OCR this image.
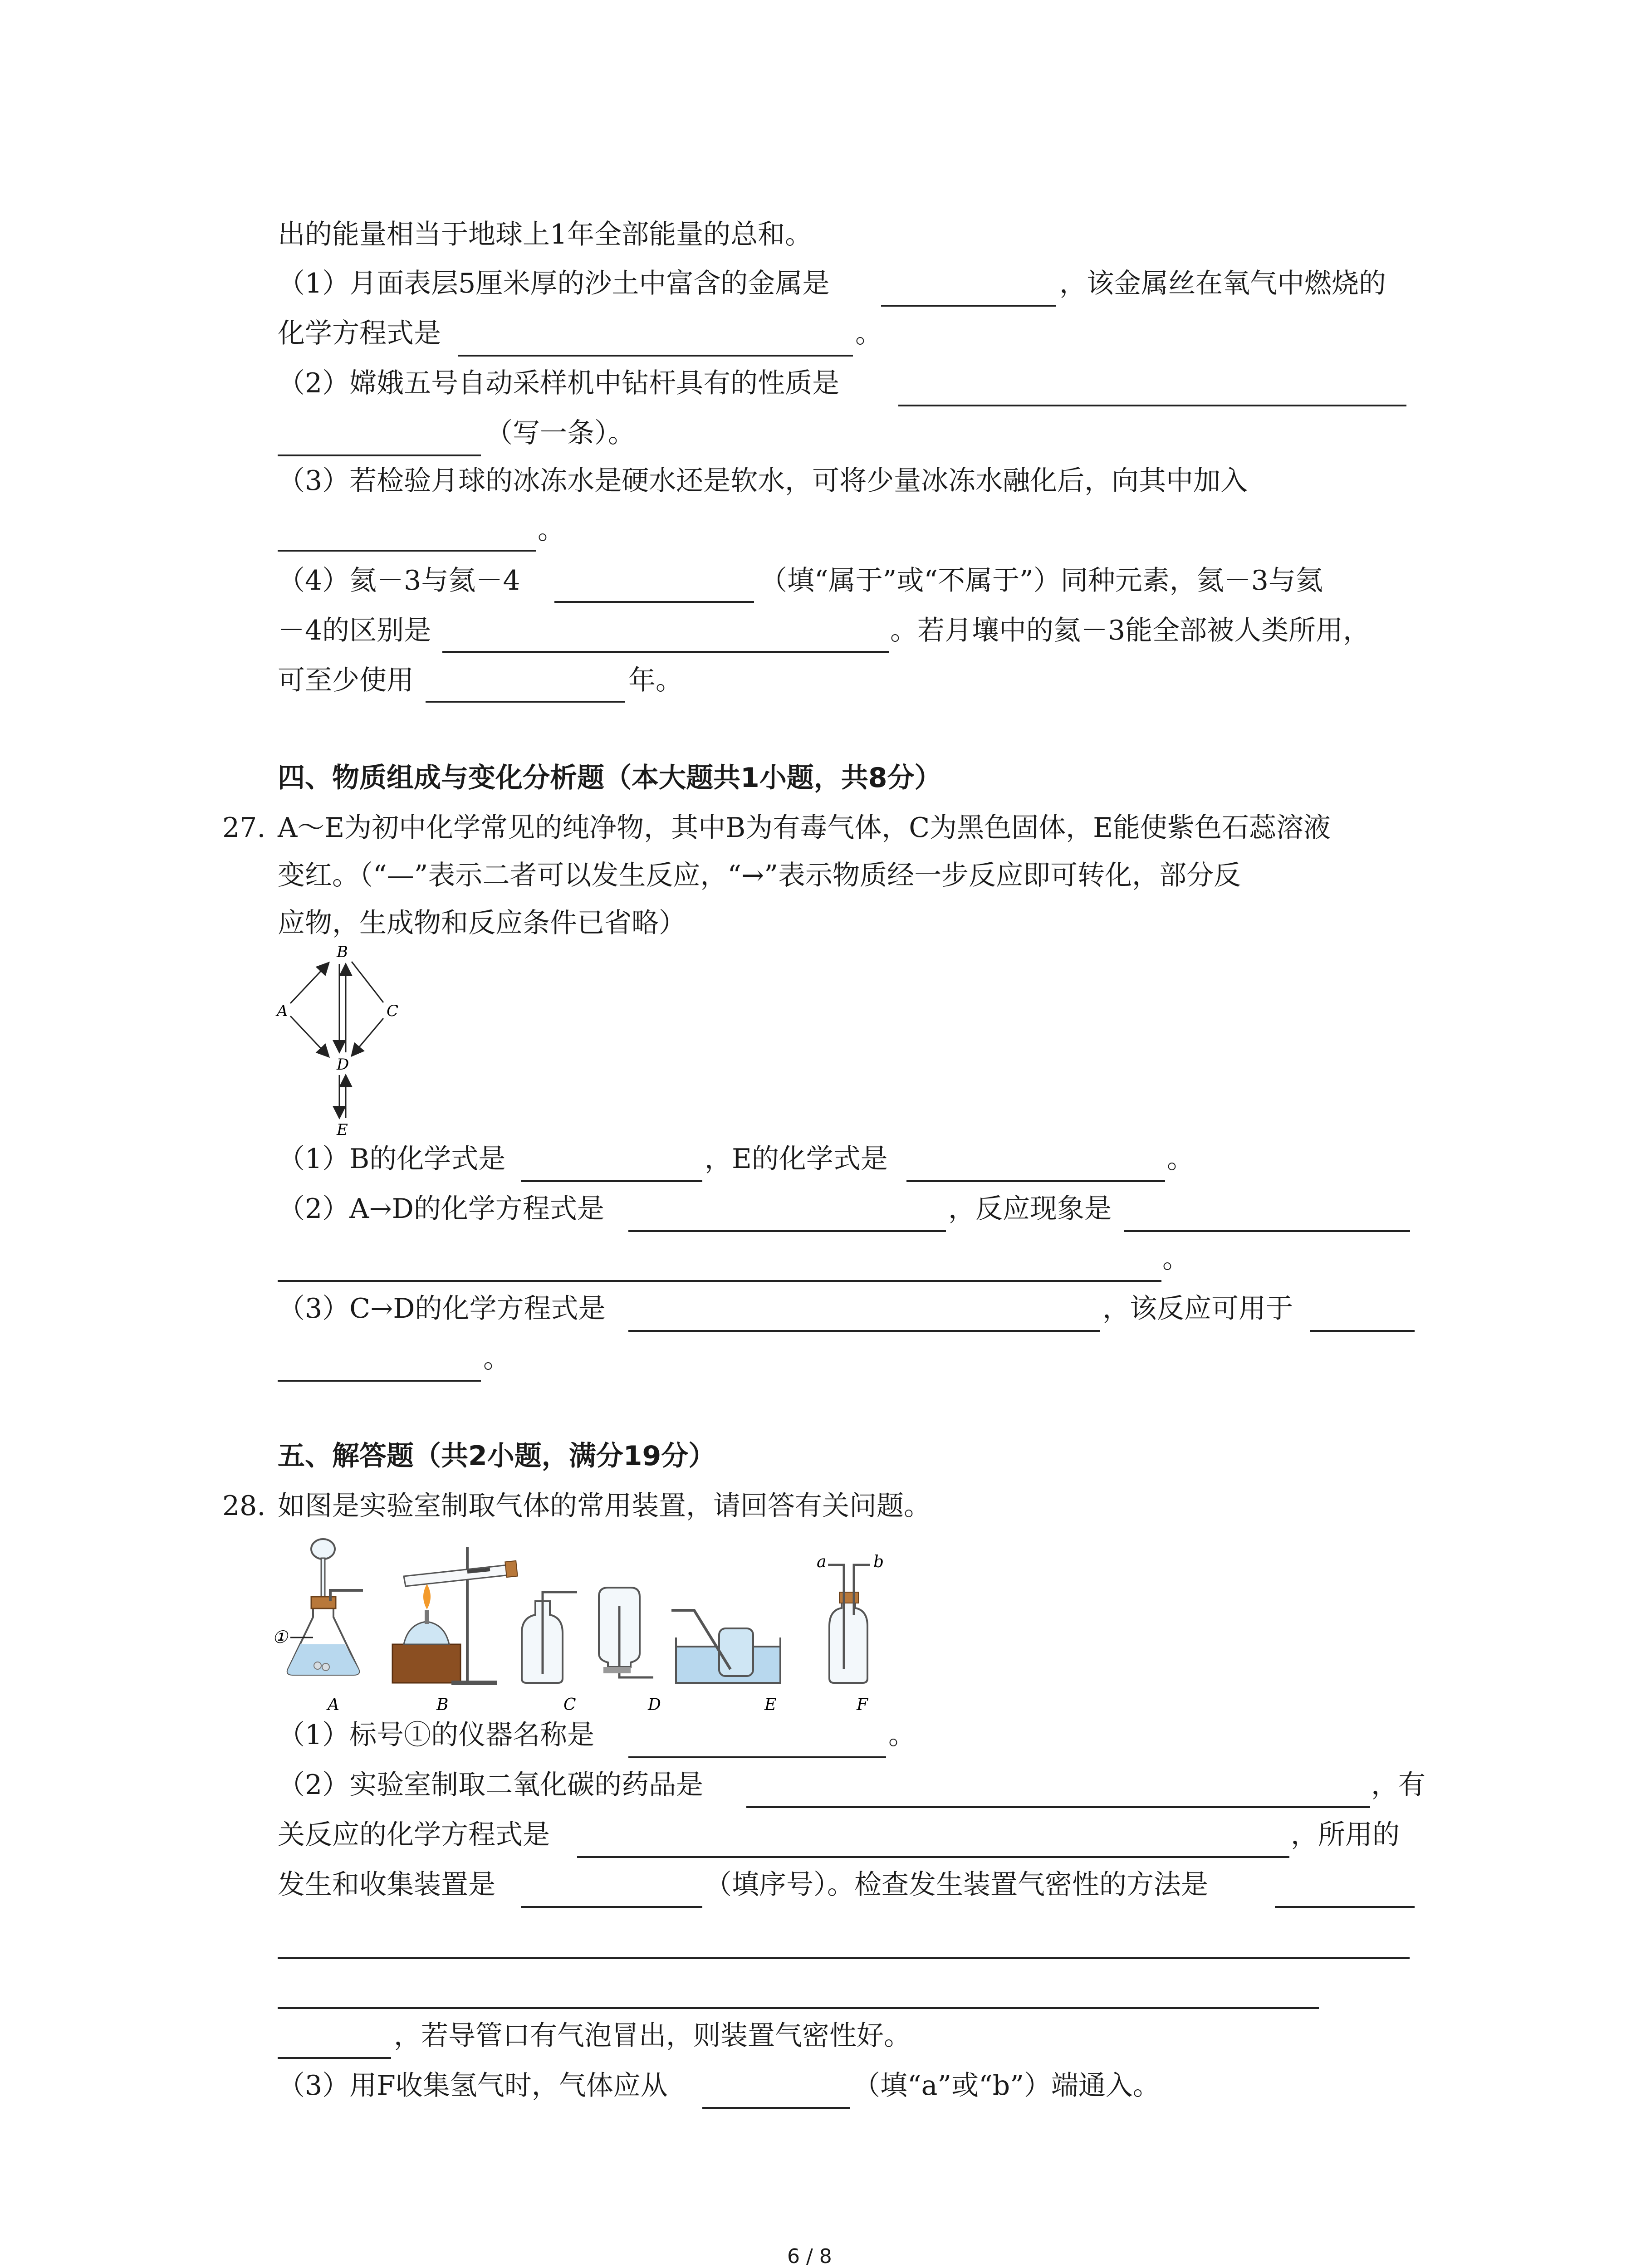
出的能量相当于地球上1年全部能量的总和。
（1）月面表层5厘米厚的沙土中富含的金属是	，该金属丝在氧气中燃烧的
化学方程式是	。
（2）嫦娥五号自动采样机中钻杆具有的性质是
（写一条）。
（3）若检验月球的冰冻水是硬水还是软水，可将少量冰冻水融化后，向其中加入
。
（4）氦－3与氦－4	（填“属于”或“不属于”）同种元素，氦－3与氦
－4的区别是	。若月壤中的氦－3能全部被人类所用，
可至少使用	年。
四、物质组成与变化分析题（本大题共1小题，共8分）
27. A～E为初中化学常见的纯净物，其中B为有毒气体，C为黑色固体，E能使紫色石蕊溶液
变红。（“—”表示二者可以发生反应，“→”表示物质经一步反应即可转化，部分反
应物，生成物和反应条件已省略）
B
A	C
D
E
（1）B的化学式是	，E的化学式是	。
（2）A→D的化学方程式是	，反应现象是
。
（3）C→D的化学方程式是	，该反应可用于
。
五、解答题（共2小题，满分19分）
28. 如图是实验室制取气体的常用装置，请回答有关问题。
①
a	b
A	B	C	D	E	F
（1）标号①的仪器名称是	。
（2）实验室制取二氧化碳的药品是	，有
关反应的化学方程式是	，所用的
发生和收集装置是	（填序号）。检查发生装置气密性的方法是
，若导管口有气泡冒出，则装置气密性好。
（3）用F收集氢气时，气体应从	（填“a”或“b”）端通入。
6 / 8
